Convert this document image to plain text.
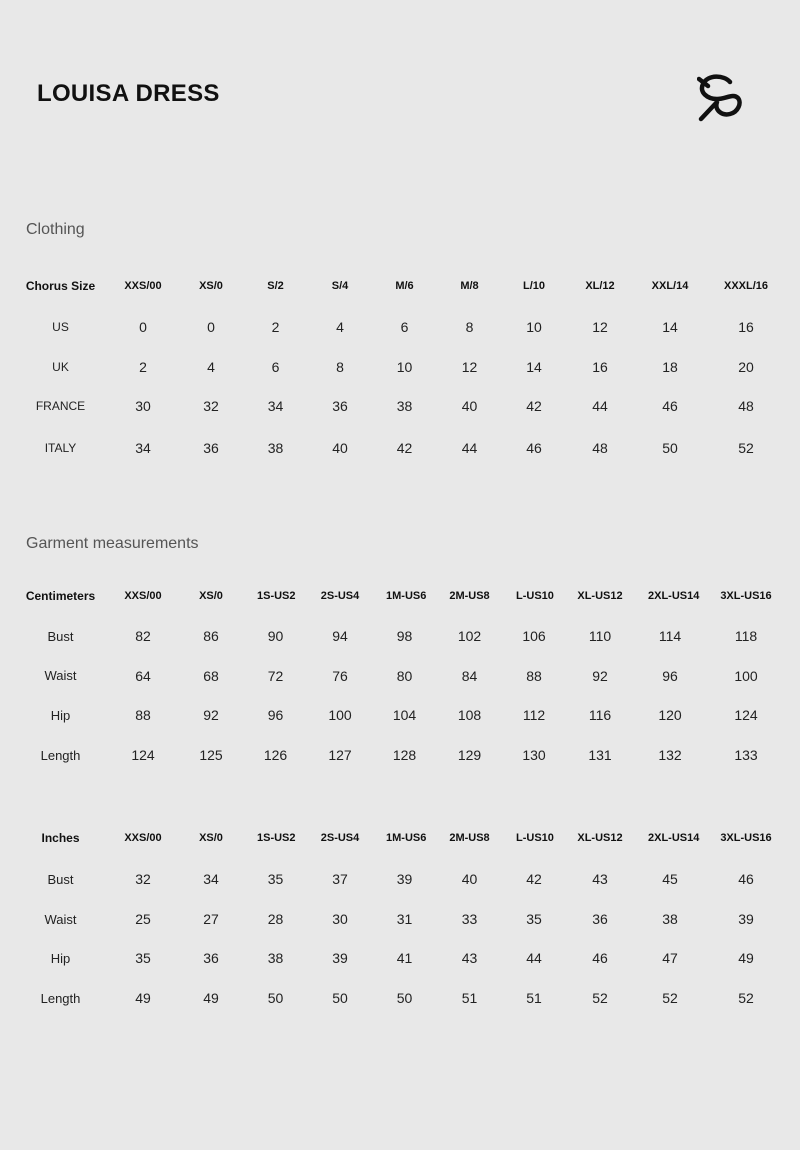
LOUISA DRESS
Clothing
Chorus Size	XXS/00	XS/0	S/2	S/4	M/6	M/8	L/10	XL/12	XXL/14	XXXL/16
US	0	0	2	4	6	8	10	12	14	16
UK	2	4	6	8	10	12	14	16	18	20
FRANCE	30	32	34	36	38	40	42	44	46	48
ITALY	34	36	38	40	42	44	46	48	50	52
Garment measurements
Centimeters	XXS/00	XS/0	1S-US2	2S-US4	1M-US6	2M-US8	L-US10	XL-US12	2XL-US14	3XL-US16
Bust	82	86	90	94	98	102	106	110	114	118
Waist	64	68	72	76	80	84	88	92	96	100
Hip	88	92	96	100	104	108	112	116	120	124
Length	124	125	126	127	128	129	130	131	132	133
Inches	XXS/00	XS/0	1S-US2	2S-US4	1M-US6	2M-US8	L-US10	XL-US12	2XL-US14	3XL-US16
Bust	32	34	35	37	39	40	42	43	45	46
Waist	25	27	28	30	31	33	35	36	38	39
Hip	35	36	38	39	41	43	44	46	47	49
Length	49	49	50	50	50	51	51	52	52	52
